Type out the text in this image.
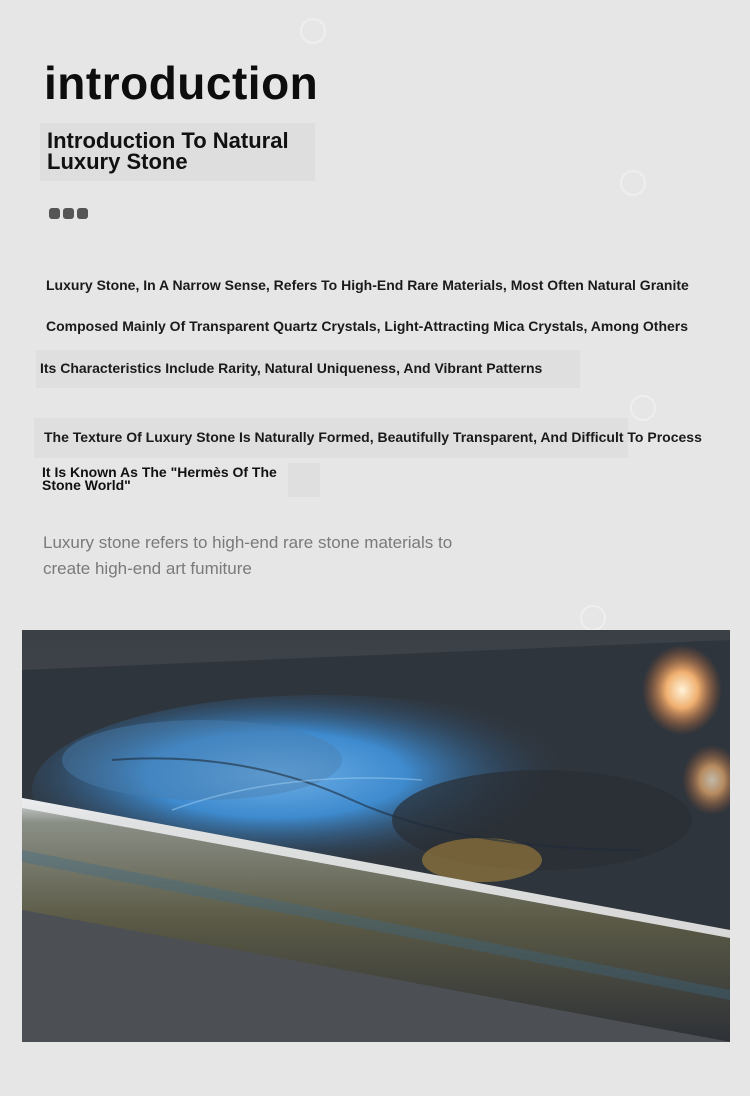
introduction
Introduction To Natural Luxury Stone

Luxury Stone, In A Narrow Sense, Refers To High-End Rare Materials, Most Often Natural Granite

Composed Mainly Of Transparent Quartz Crystals, Light-Attracting Mica Crystals, Among Others

Its Characteristics Include Rarity, Natural Uniqueness, And Vibrant Patterns

The Texture Of Luxury Stone Is Naturally Formed, Beautifully Transparent, And Difficult To Process

It Is Known As The "Hermès Of The Stone World"

Luxury stone refers to high-end rare stone materials to create high-end art fumiture
